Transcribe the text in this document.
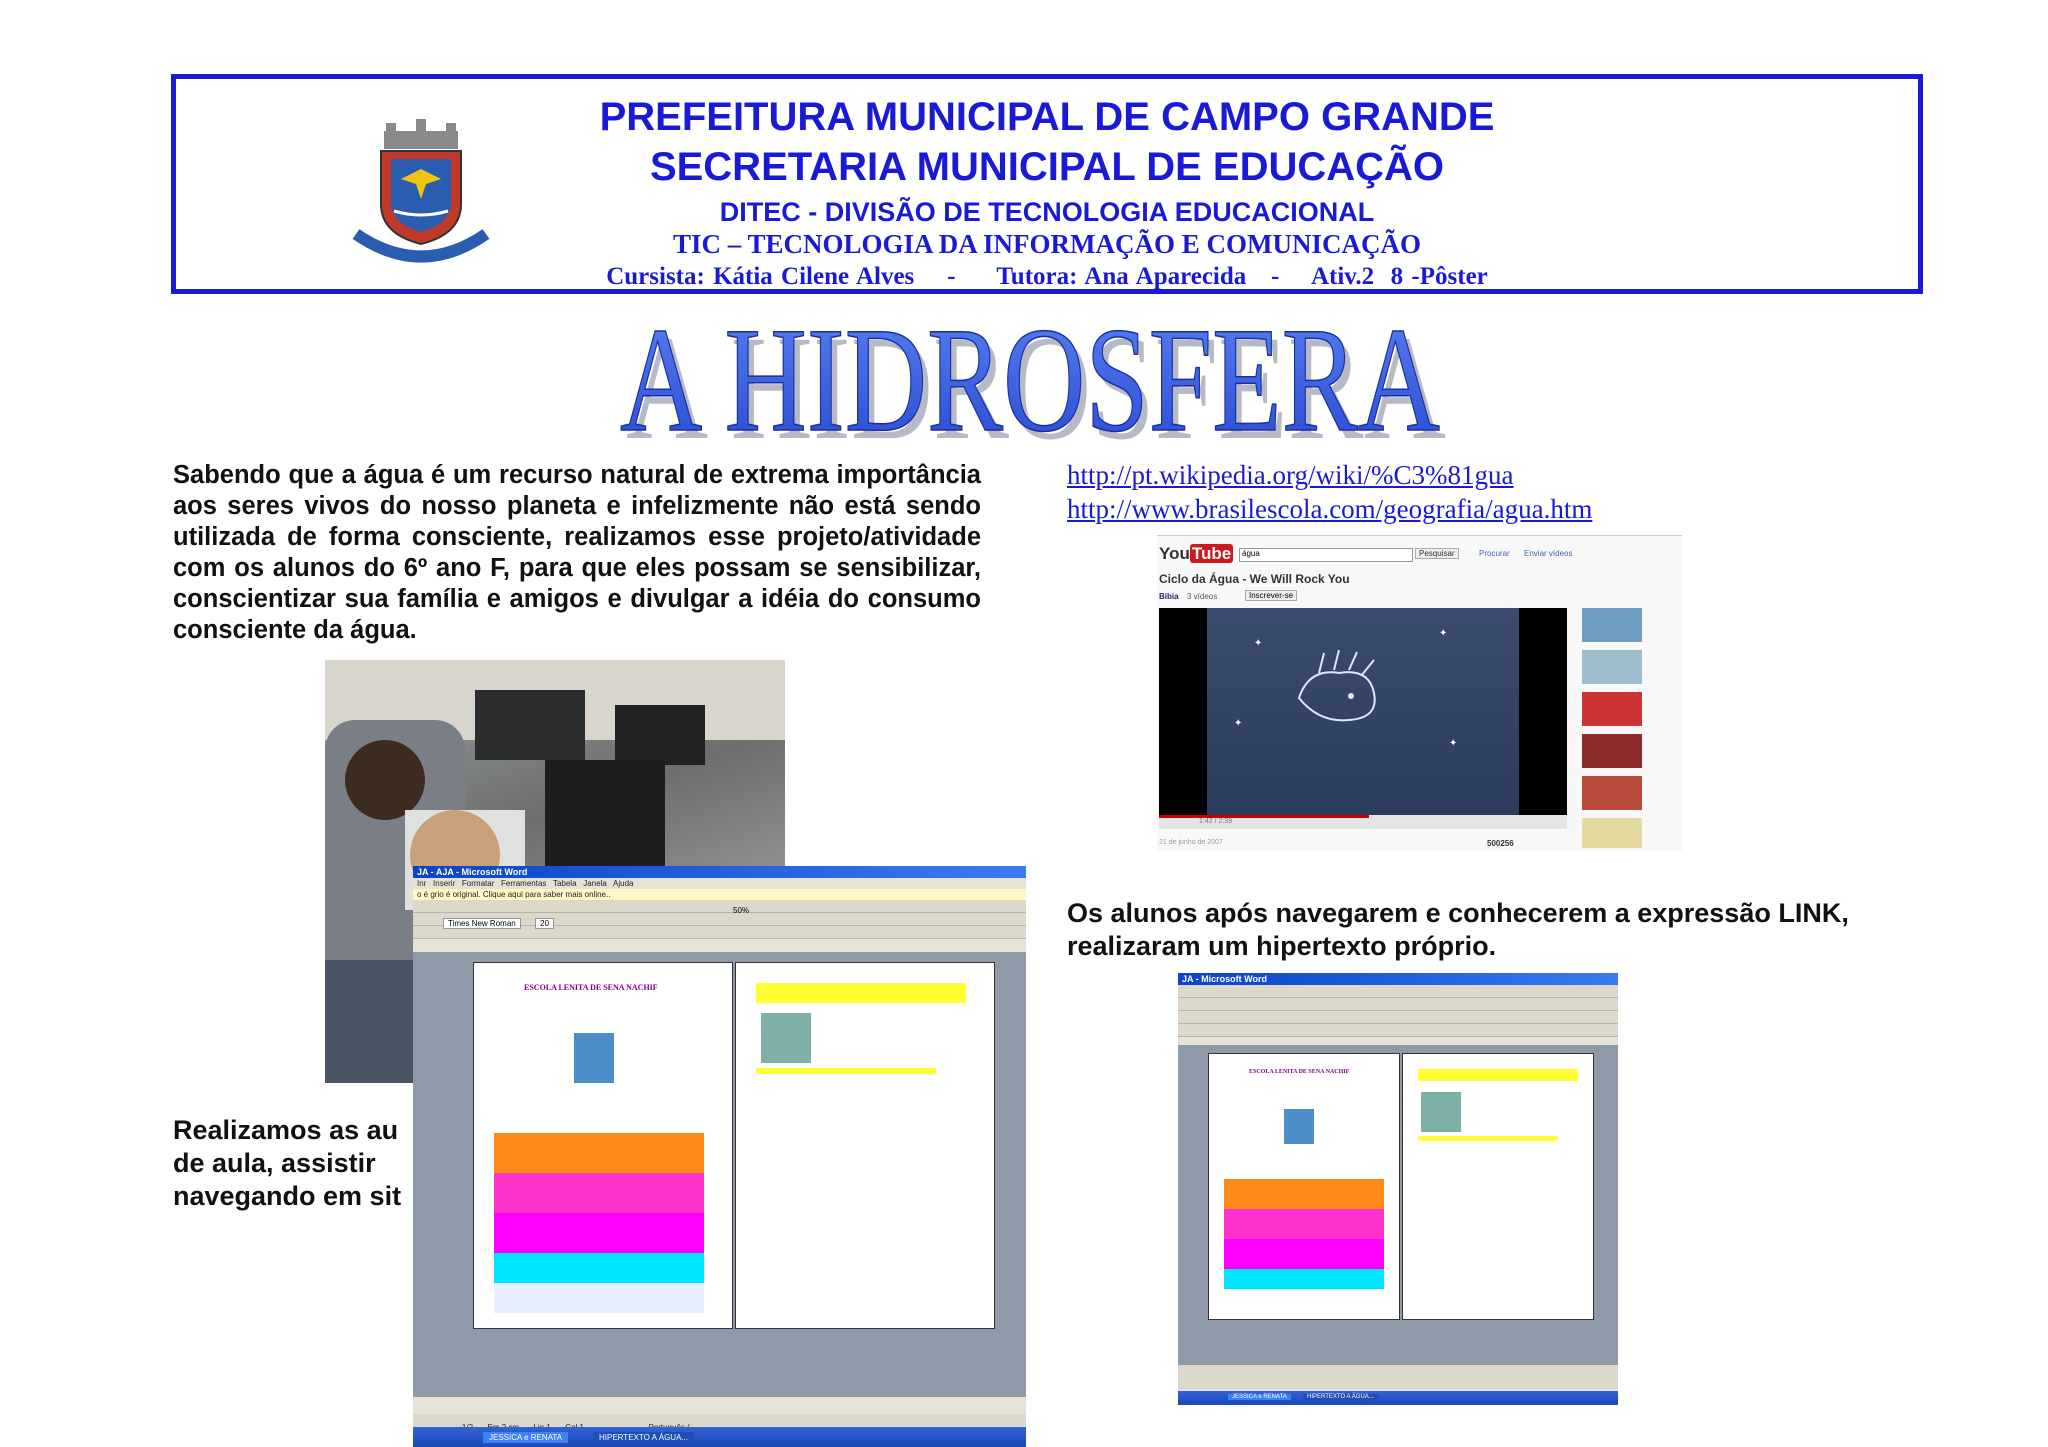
PREFEITURA MUNICIPAL DE CAMPO GRANDE
SECRETARIA MUNICIPAL DE EDUCAÇÃO
DITEC - DIVISÃO DE TECNOLOGIA EDUCACIONAL
TIC – TECNOLOGIA DA INFORMAÇÃO E COMUNICAÇÃO
Cursista: Kátia Cilene Alves    -     Tutora: Ana Aparecida   -    Ativ.2  8 -Pôster
A HIDROSFERA
A HIDROSFERA
Sabendo que a água é um recurso natural de extrema importância aos seres vivos do nosso planeta e infelizmente não está sendo utilizada de forma consciente, realizamos esse projeto/atividade com os alunos do 6º ano F, para que eles possam se sensibilizar, conscientizar sua família e amigos e divulgar a idéia do consumo consciente da água.
http://pt.wikipedia.org/wiki/%C3%81gua
http://www.brasilescola.com/geografia/agua.htm
You Tube	água	Pesquisar	Procurar Enviar vídeos
Ciclo da Água - We Will Rock You
Bibia 3 vídeos	Inscrever-se
✦
✦
✦
✦
1:42 / 2:39
21 de junho de 2007	500256
Os alunos após navegarem e conhecerem a expressão LINK, realizaram um hipertexto próprio.
Realizamos as au
de aula, assistir
navegando em sit
JA - AJA - Microsoft Word
Inr Inserir Formatar Ferramentas Tabela Janela Ajuda
o é grio é original. Clique aqui para saber mais online..
50%
Times New Roman	20
ESCOLA LENITA DE SENA NACHIF

JESSICA e RENATA	HIPERTEXTO A ÁGUA...
JA - Microsoft Word
ESCOLA LENITA DE SENA NACHIF
JESSICA e RENATA	HIPERTEXTO A ÁGUA...
